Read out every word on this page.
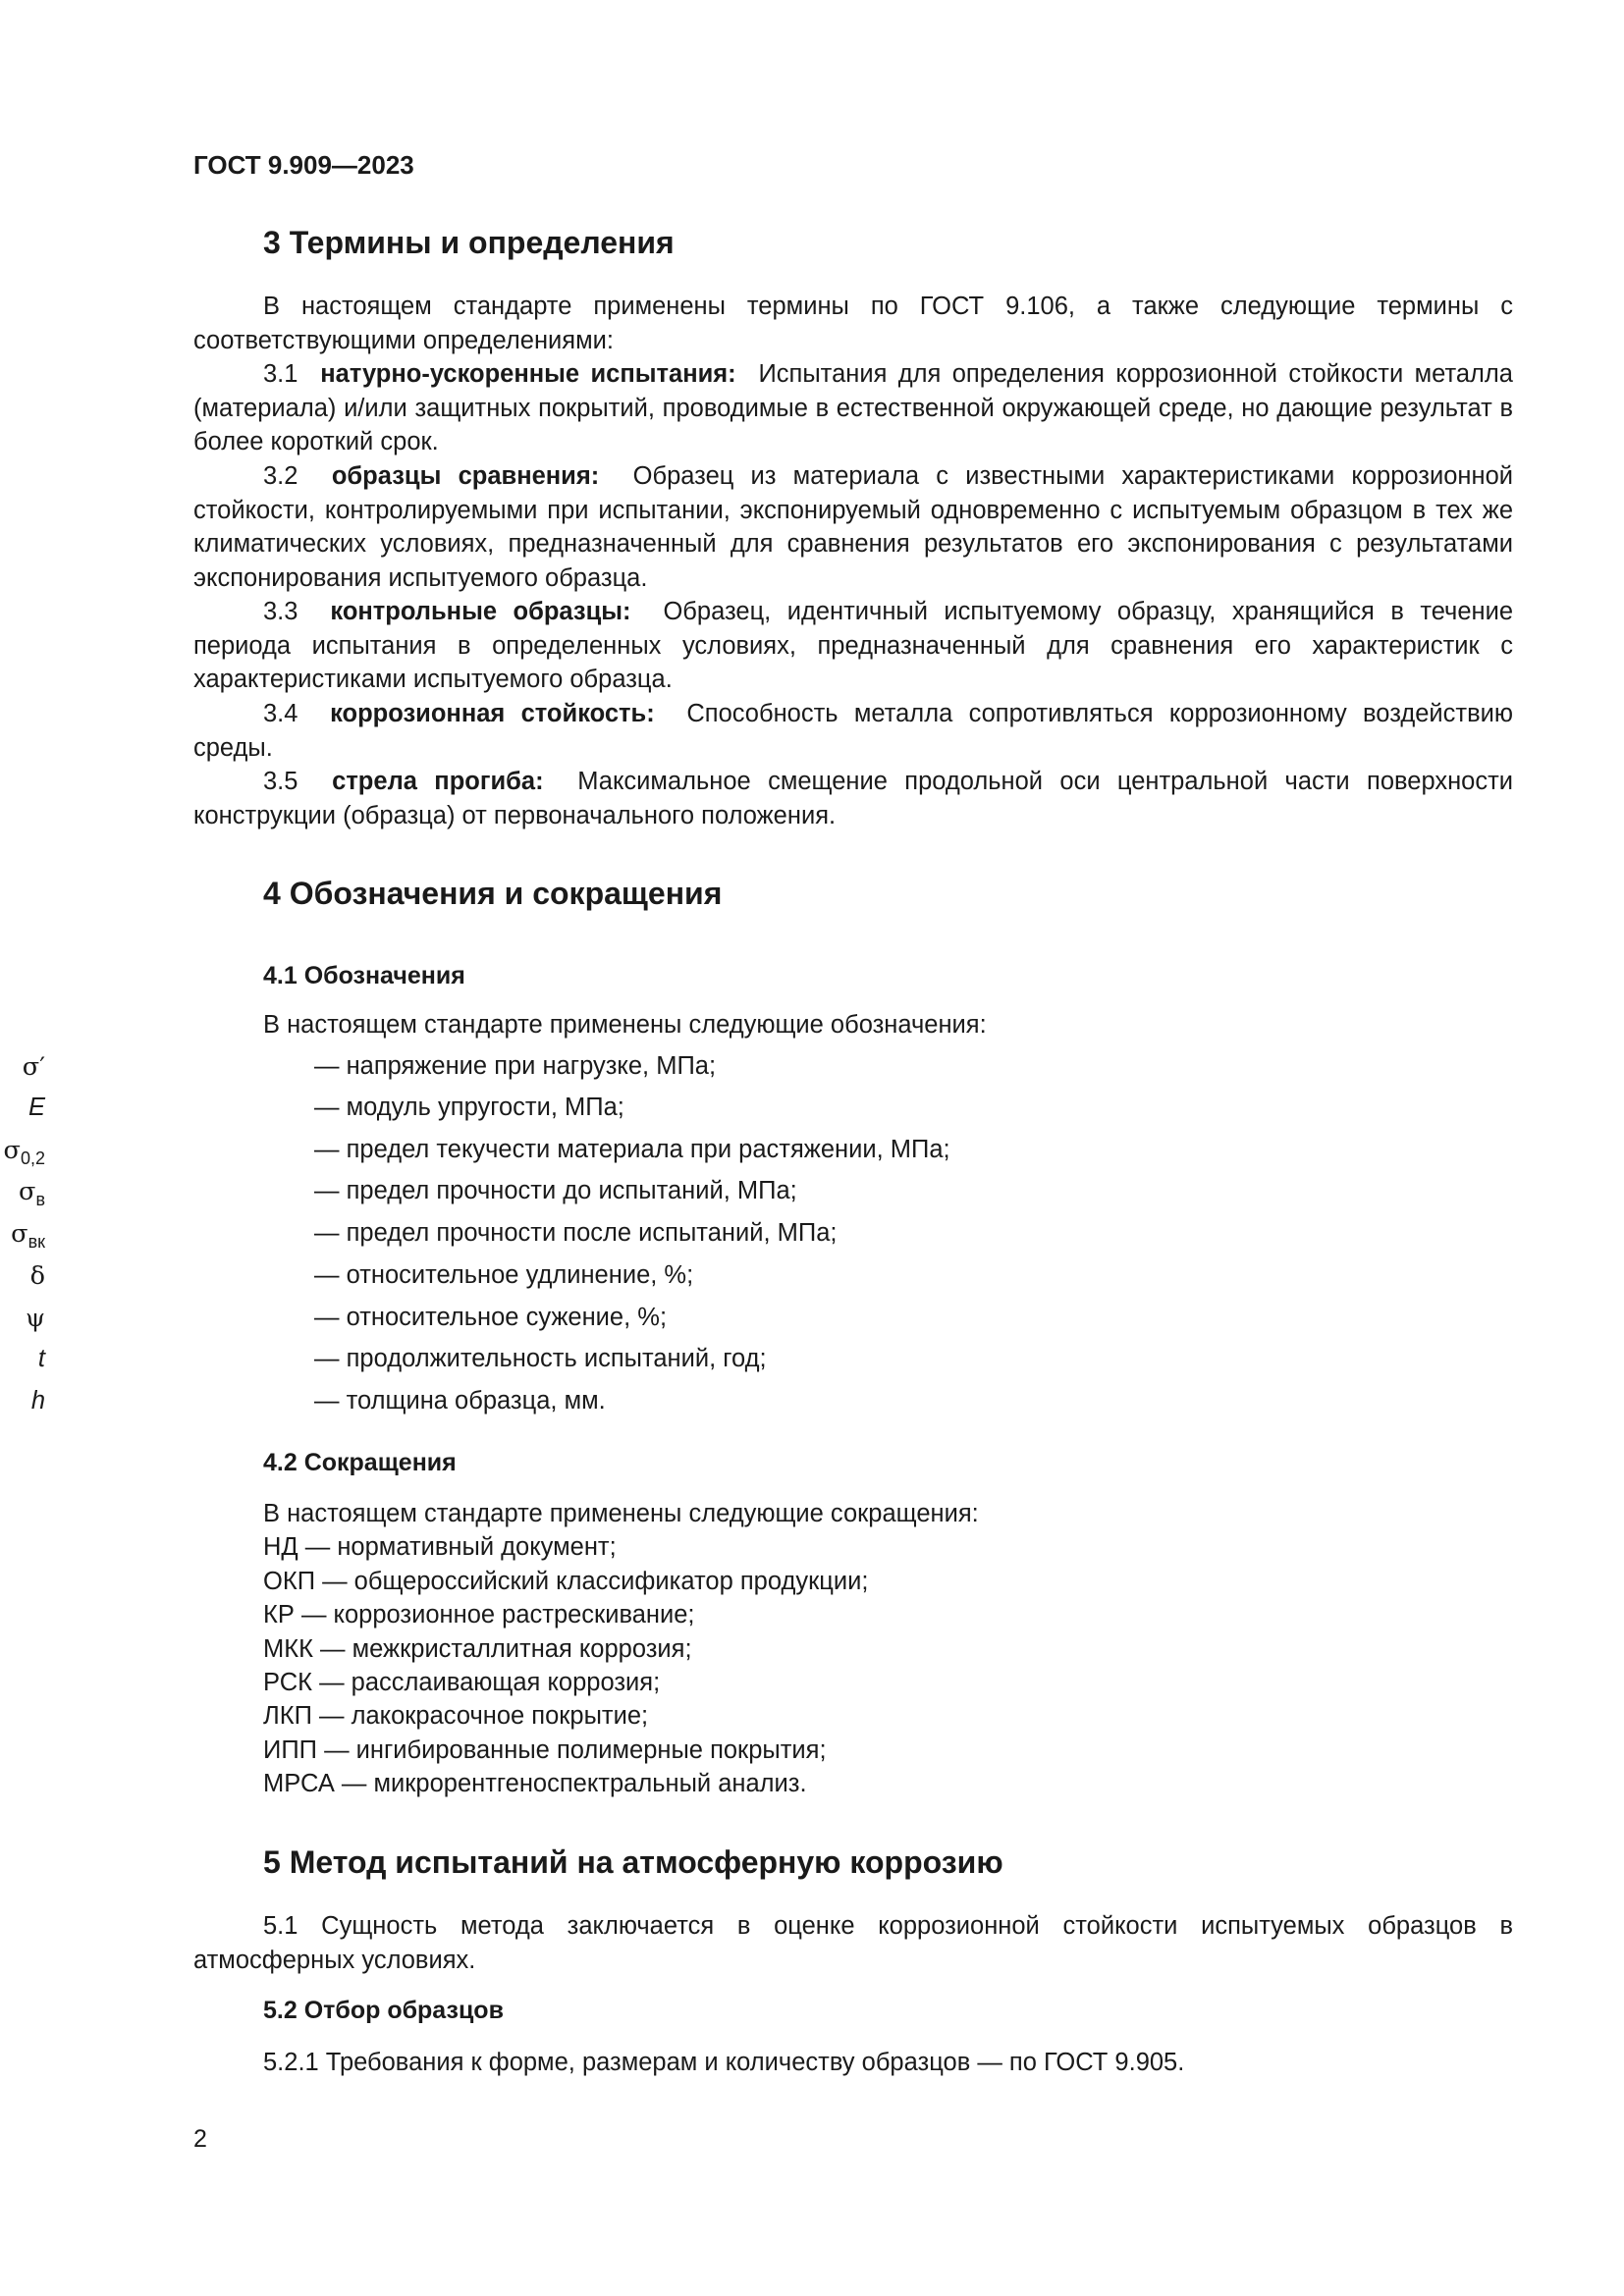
ГОСТ 9.909—2023
3 Термины и определения
В настоящем стандарте применены термины по ГОСТ 9.106, а также следующие термины с соответствующими определениями:
3.1 натурно-ускоренные испытания: Испытания для определения коррозионной стойкости металла (материала) и/или защитных покрытий, проводимые в естественной окружающей среде, но дающие результат в более короткий срок.
3.2 образцы сравнения: Образец из материала с известными характеристиками коррозионной стойкости, контролируемыми при испытании, экспонируемый одновременно с испытуемым образцом в тех же климатических условиях, предназначенный для сравнения результатов его экспонирования с результатами экспонирования испытуемого образца.
3.3 контрольные образцы: Образец, идентичный испытуемому образцу, хранящийся в течение периода испытания в определенных условиях, предназначенный для сравнения его характеристик с характеристиками испытуемого образца.
3.4 коррозионная стойкость: Способность металла сопротивляться коррозионному воздействию среды.
3.5 стрела прогиба: Максимальное смещение продольной оси центральной части поверхности конструкции (образца) от первоначального положения.
4 Обозначения и сокращения
4.1 Обозначения
В настоящем стандарте применены следующие обозначения:
σ′	— напряжение при нагрузке, МПа;
E	— модуль упругости, МПа;
$\sigma_{0,2}$	— предел текучести материала при растяжении, МПа;
$\sigma_в$	— предел прочности до испытаний, МПа;
$\sigma_{вк}$	— предел прочности после испытаний, МПа;
δ	— относительное удлинение, %;
ψ	— относительное сужение, %;
t	— продолжительность испытаний, год;
h	— толщина образца, мм.
4.2 Сокращения
В настоящем стандарте применены следующие сокращения:
НД — нормативный документ;
ОКП — общероссийский классификатор продукции;
КР — коррозионное растрескивание;
МКК — межкристаллитная коррозия;
РСК — расслаивающая коррозия;
ЛКП — лакокрасочное покрытие;
ИПП — ингибированные полимерные покрытия;
МРСА — микрорентгеноспектральный анализ.
5 Метод испытаний на атмосферную коррозию
5.1 Сущность метода заключается в оценке коррозионной стойкости испытуемых образцов в атмосферных условиях.
5.2 Отбор образцов
5.2.1 Требования к форме, размерам и количеству образцов — по ГОСТ 9.905.
2
